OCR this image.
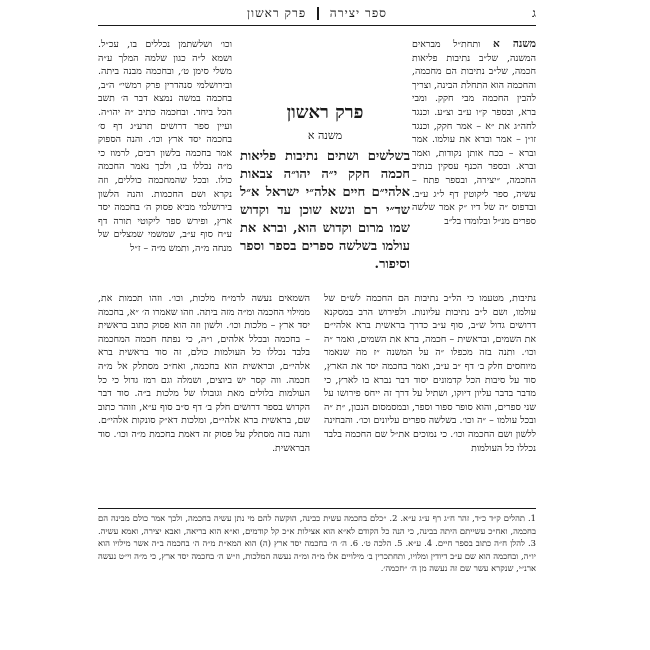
ספר יצירה  פרק ראשון	ג

משנה א ותחת״ל מבראים המשנה, של״ב נתיבות פליאות חכמה, של״ב נתיבות הם מחכמה, והחכמה הוא התחלת הבינה, וצריך להבין החכמה מבי חקק. ומבי ברא, ובספר ק״ו ע״ב וצ״ע. וכנגד לחה״ג את ״א – אמר חקק, וכנגד זו״ן – אמר וברא את עולמו. אמר וברא – בכח אותן נקודות, ואמר וברא. ובספר הכנף עסקין בנתיב החכמה, ״יצירה, ובספר פתח – עשיה, ספר ליקוטין דף ל״ג ע״ב. ובדפוס ״ה של דיו ״ק אמר שלשה ספרים מנ״ל ובלומדו בל״ב

פרק ראשון
משנה א
בשלשים ושתים נתיבות פליאות חכמה חקק י״ה יהו״ה צבאות אלהי״ם חיים אלה״י ישראל א״ל שד״י רם ונשא שוכן עד וקדוש שמו מרום וקדוש הוא, וברא את עולמו בשלשה ספרים בספר וספר וסיפור.

וכו׳ ושלשתמן נכללים בו, עכ״ל. ושמא ל״ה כגון שלמה המלך ע״ה משלי סימן ט׳, ובחכמה מבנה ביתה. ובירושלמי סנהדרין פרק רמשי״ ה״ב, בחכמה במשה נמצא דבר ה׳ תשב הכל ביחד. ובחכמה כתיב ״ה יהו״ה. ועיין ספר דרושים תרע״ג דף ס׳ בחכמה יסד ארץ וכו׳. והנה הספוק אמר בחכמה בלשון רבים, לרמוז כי מ״ה נכללו בו, ולכך נאמר החכמה כולו. ובכל שהמחכמה כוללים, וזה נקרא ושם החכמות. והנה הלשון בירושלמי מביא פסוק ה׳ בחכמה יסד ארץ, ופירש ספר ליקוטי תורה דף ע״ח סוף ע״ב, שמשמי שמצלים של מנחה מ״ה, ותמש מ״ה – ז״ל

נתיבות, מטעמו כי הל״ב נתיבות הם החכמה לש״ם של עולמו, ושם ל״ב נתיבות עליונות. ולפירוש הרב במסקנא דרושים גדול ש״ב, סוף ע״ב כדרך בראשית ברא אלהי״ם את השמים, ובראשית – חכמה, ברא את השמים, ואמר ״ה וכו׳. ותנה בזה מכפלו ״ה על המשנה ״ז מה שנאמר מיוחסים חלק ב׳ דף ״ב ע״ב, ואמר בחכמה יסד את הארץ, סוד על סיבות הכל קדמונים יסוד דבר נברא בו לארץ, כי מדבר בדבר עליון דיוקו, ושתיל על דרך זה ייחס פירושו על שני ספרים, והוא סופר ספור וספר, ובמסמסום הנכון, ״ת ״ה ובכל עולמו – ״ה וכו׳. בשלשה ספרים עליונים וכו׳. והבחינה ללשון ושם החכמה וכו׳. כי נמוכים את״ל שם החכמה בלבד נכללו כל העולמות

השמאים נעשה לרמ״ח מלכות, וכו׳. וזהו תכמות את, ממילוי החכמה ומ״ה מזה ביתה. וזהו שאמרו ה׳ ״א, בחכמה יסד ארץ – מלכות וכו׳. ולשון וזה הוא פסוק כתוב בראשית – בחכמה ובכלל אלהים, ו״ה, כי נפתח חכמה המחכמה בלבד נכללו כל העולמות כולם, זה סוד בראשית ברא אלהי״ם, ובראשית הוא בחכמה, ואח״כ מסתלק אל מ״ה חכמה. ווה קסר יש ביוצים, ושמלה וגם רמז גדול כי כל העולמות בלולים מאת וגובולו של מלכות ב״ה. סוד דבר הקדוש בספר דרושים חלק ב׳ דף ס״ב סוף ע״א, וזוהר כתוב שם, בראשית ברא אלהי״ם, ומלכות דא״ק סונקות אלהי״ם. ותנה בזה מסתלק על פסוק זה דאמת בחכמת מ״ה וכו׳. סוד הבראשית.

1. תהלים ק״ד כ״ד, זהר ח״ג רף ע״ג ע״א. 2. ״כלם בחכמה עשית כבינה, הוקשה להם מי נתן עשיה בחכמה, ולכך אמר כולם מבינה הם בחכמה, ואח״כ עשייתם היתה בבינה, כי הנה כל הקודם לא״א הוא אצילות א״כ קל קודמים, וא״א הוא בריאה, ואבא יצירה, ואמא עשיה. 3. להלן ח״ה כתוב בספר חיים. 4. ע״א. 5. הלכה ט׳. 6. ה׳ ה׳ בחכמה יסד ארץ (ה) הוא המא״ת מ״ה ה׳ בחכמה ב״ה אשר מילויו הוא יו״ה, ובחכמה הוא שם ע״ב דיודין ומלויו, ותחתכרין ב׳ מילויים אלו מ״ה ומ״ה נעשה המלכות, וז״ש ה׳ בחכמה יסד ארץ, כי מ״ה וי״ט נעשה ארנ״י, שנקרא עשר שם זה נעשה מן ה׳ ״חכמה׳.
